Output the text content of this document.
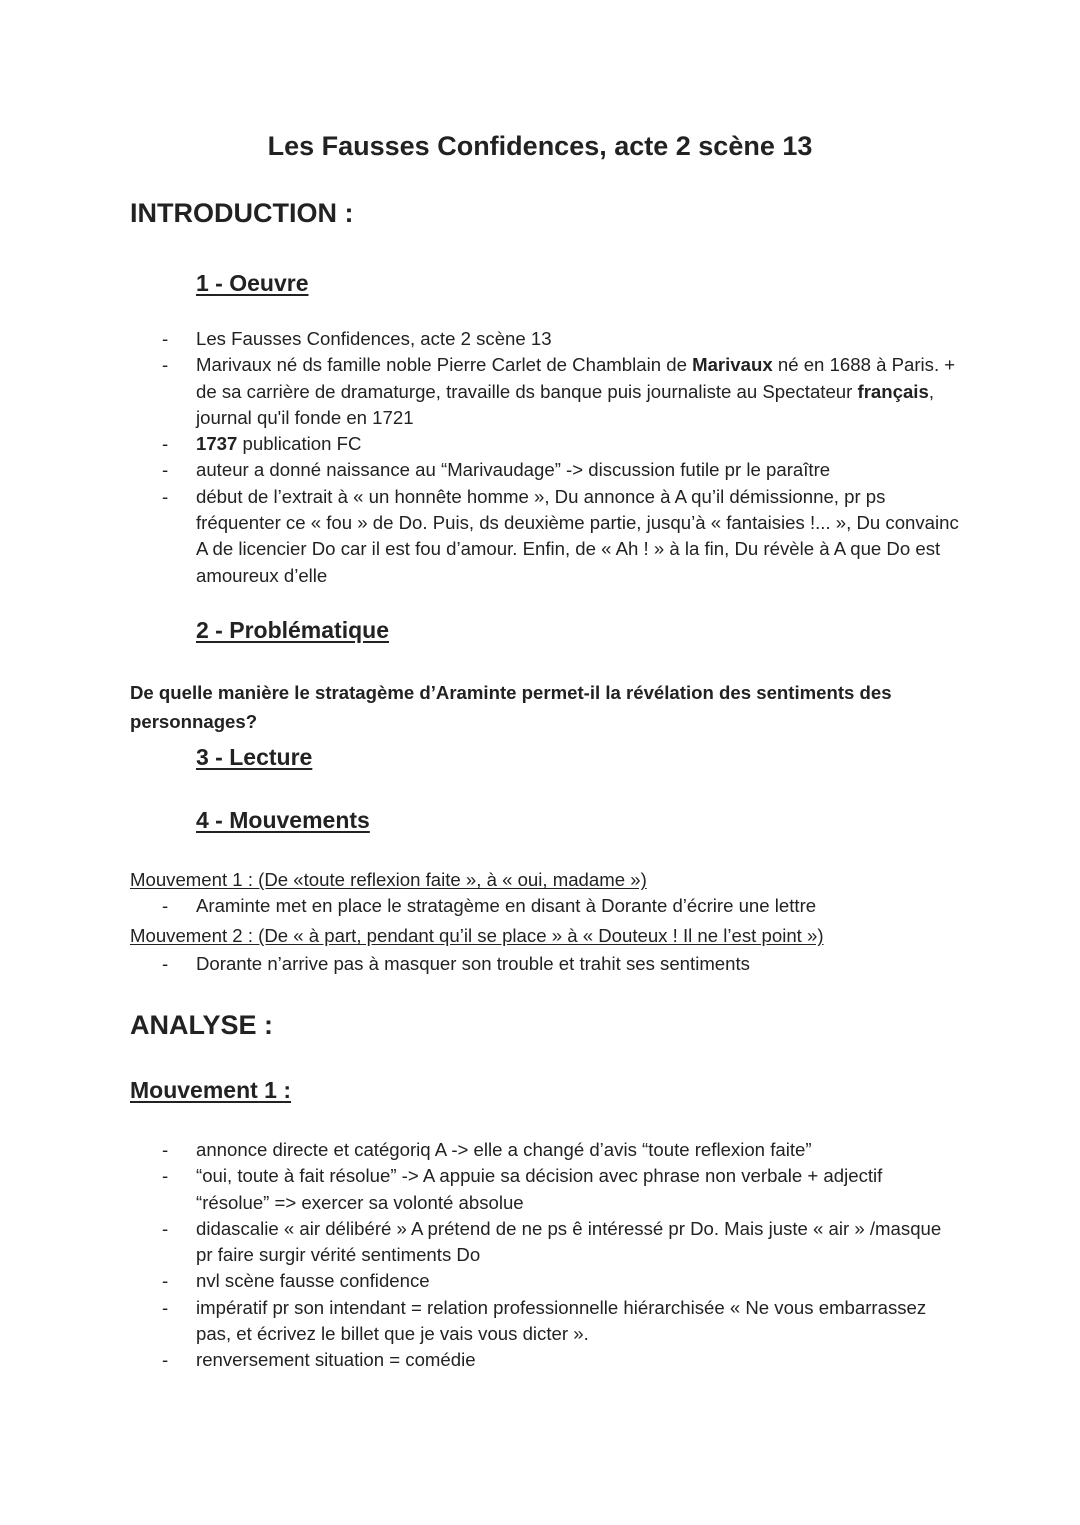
Les Fausses Confidences, acte 2 scène 13
INTRODUCTION :
1 - Oeuvre
- Les Fausses Confidences, acte 2 scène 13
- Marivaux né ds famille noble Pierre Carlet de Chamblain de Marivaux né en 1688 à Paris. + de sa carrière de dramaturge, travaille ds banque puis journaliste au Spectateur français, journal qu'il fonde en 1721
- 1737 publication FC
- auteur a donné naissance au “Marivaudage” -> discussion futile pr le paraître
- début de l’extrait à « un honnête homme », Du annonce à A qu’il démissionne, pr ps fréquenter ce « fou » de Do. Puis, ds deuxième partie, jusqu’à « fantaisies !... », Du convainc A de licencier Do car il est fou d’amour. Enfin, de « Ah ! » à la fin, Du révèle à A que Do est amoureux d’elle
2 - Problématique

De quelle manière le stratagème d’Araminte permet-il la révélation des sentiments des personnages?

3 - Lecture
4 - Mouvements

Mouvement 1 : (De «toute reflexion faite », à « oui, madame »)

- Araminte met en place le stratagème en disant à Dorante d’écrire une lettre

Mouvement 2 : (De « à part, pendant qu’il se place » à « Douteux ! Il ne l’est point »)

- Dorante n’arrive pas à masquer son trouble et trahit ses sentiments
ANALYSE :
Mouvement 1 :
- annonce directe et catégoriq A -> elle a changé d’avis “toute reflexion faite”
- “oui, toute à fait résolue” -> A appuie sa décision avec phrase non verbale + adjectif “résolue” => exercer sa volonté absolue
- didascalie « air délibéré » A prétend de ne ps ê intéressé pr Do. Mais juste « air » /masque pr faire surgir vérité sentiments Do
- nvl scène fausse confidence
- impératif pr son intendant = relation professionnelle hiérarchisée « Ne vous embarrassez pas, et écrivez le billet que je vais vous dicter ».
- renversement situation = comédie
